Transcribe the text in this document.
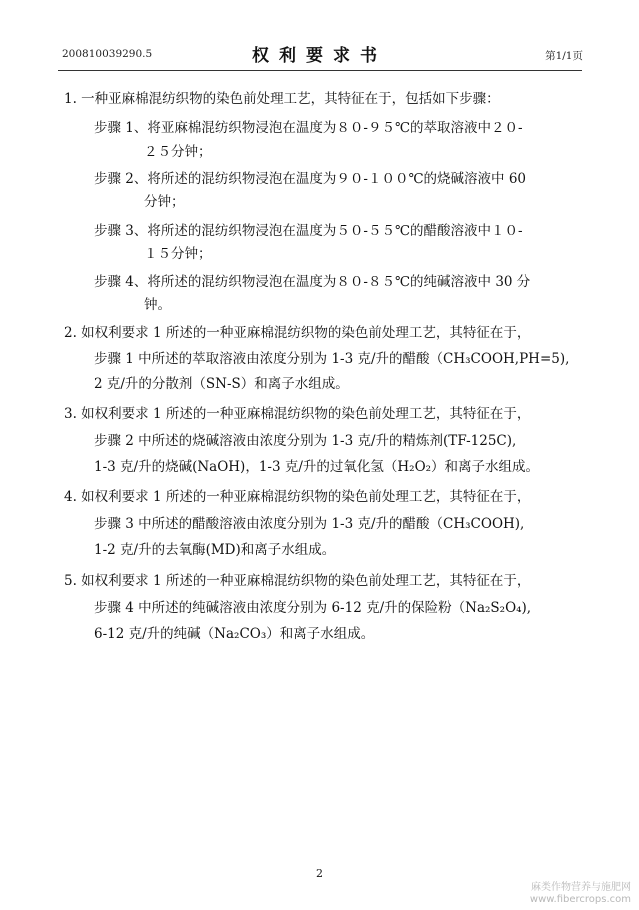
200810039290.5	权利要求书	第1/1页
1. 一种亚麻棉混纺织物的染色前处理工艺，其特征在于，包括如下步骤：
步骤 1、将亚麻棉混纺织物浸泡在温度为８０-９５℃的萃取溶液中２０-
２５分钟；
步骤 2、将所述的混纺织物浸泡在温度为９０-１００℃的烧碱溶液中 60
分钟；
步骤 3、将所述的混纺织物浸泡在温度为５０-５５℃的醋酸溶液中１０-
１５分钟；
步骤 4、将所述的混纺织物浸泡在温度为８０-８５℃的纯碱溶液中 30 分
钟。
2. 如权利要求 1 所述的一种亚麻棉混纺织物的染色前处理工艺，其特征在于，
步骤 1 中所述的萃取溶液由浓度分别为 1-3 克/升的醋酸（CH₃COOH,PH=5),
2 克/升的分散剂（SN-S）和离子水组成。
3. 如权利要求 1 所述的一种亚麻棉混纺织物的染色前处理工艺，其特征在于，
步骤 2 中所述的烧碱溶液由浓度分别为 1-3 克/升的精炼剂(TF-125C),
1-3 克/升的烧碱(NaOH)，1-3 克/升的过氧化氢（H₂O₂）和离子水组成。
4. 如权利要求 1 所述的一种亚麻棉混纺织物的染色前处理工艺，其特征在于，
步骤 3 中所述的醋酸溶液由浓度分别为 1-3 克/升的醋酸（CH₃COOH),
1-2 克/升的去氧酶(MD)和离子水组成。
5. 如权利要求 1 所述的一种亚麻棉混纺织物的染色前处理工艺，其特征在于，
步骤 4 中所述的纯碱溶液由浓度分别为 6-12 克/升的保险粉（Na₂S₂O₄),
6-12 克/升的纯碱（Na₂CO₃）和离子水组成。
2
麻类作物营养与施肥网
www.fibercrops.com
